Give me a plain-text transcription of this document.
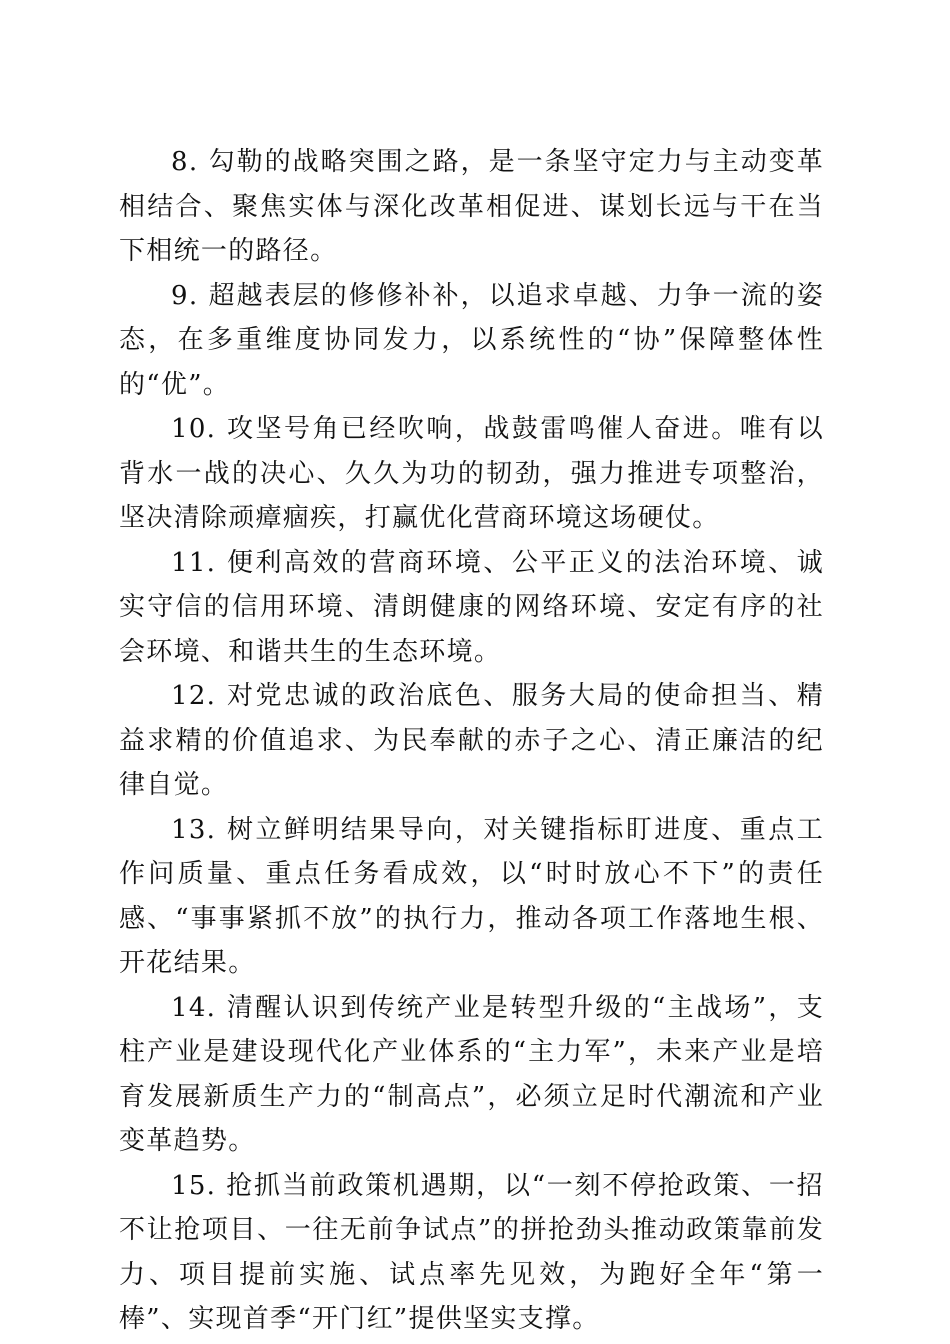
8. 勾勒的战略突围之路，是一条坚守定力与主动变革相结合、聚焦实体与深化改革相促进、谋划长远与干在当下相统一的路径。

9. 超越表层的修修补补，以追求卓越、力争一流的姿态，在多重维度协同发力，以系统性的“协”保障整体性的“优”。

10. 攻坚号角已经吹响，战鼓雷鸣催人奋进。唯有以背水一战的决心、久久为功的韧劲，强力推进专项整治，坚决清除顽瘴痼疾，打赢优化营商环境这场硬仗。

11. 便利高效的营商环境、公平正义的法治环境、诚实守信的信用环境、清朗健康的网络环境、安定有序的社会环境、和谐共生的生态环境。

12. 对党忠诚的政治底色、服务大局的使命担当、精益求精的价值追求、为民奉献的赤子之心、清正廉洁的纪律自觉。

13. 树立鲜明结果导向，对关键指标盯进度、重点工作问质量、重点任务看成效，以“时时放心不下”的责任感、“事事紧抓不放”的执行力，推动各项工作落地生根、开花结果。

14. 清醒认识到传统产业是转型升级的“主战场”，支柱产业是建设现代化产业体系的“主力军”，未来产业是培育发展新质生产力的“制高点”，必须立足时代潮流和产业变革趋势。

15. 抢抓当前政策机遇期，以“一刻不停抢政策、一招不让抢项目、一往无前争试点”的拼抢劲头推动政策靠前发力、项目提前实施、试点率先见效，为跑好全年“第一棒”、实现首季“开门红”提供坚实支撑。
